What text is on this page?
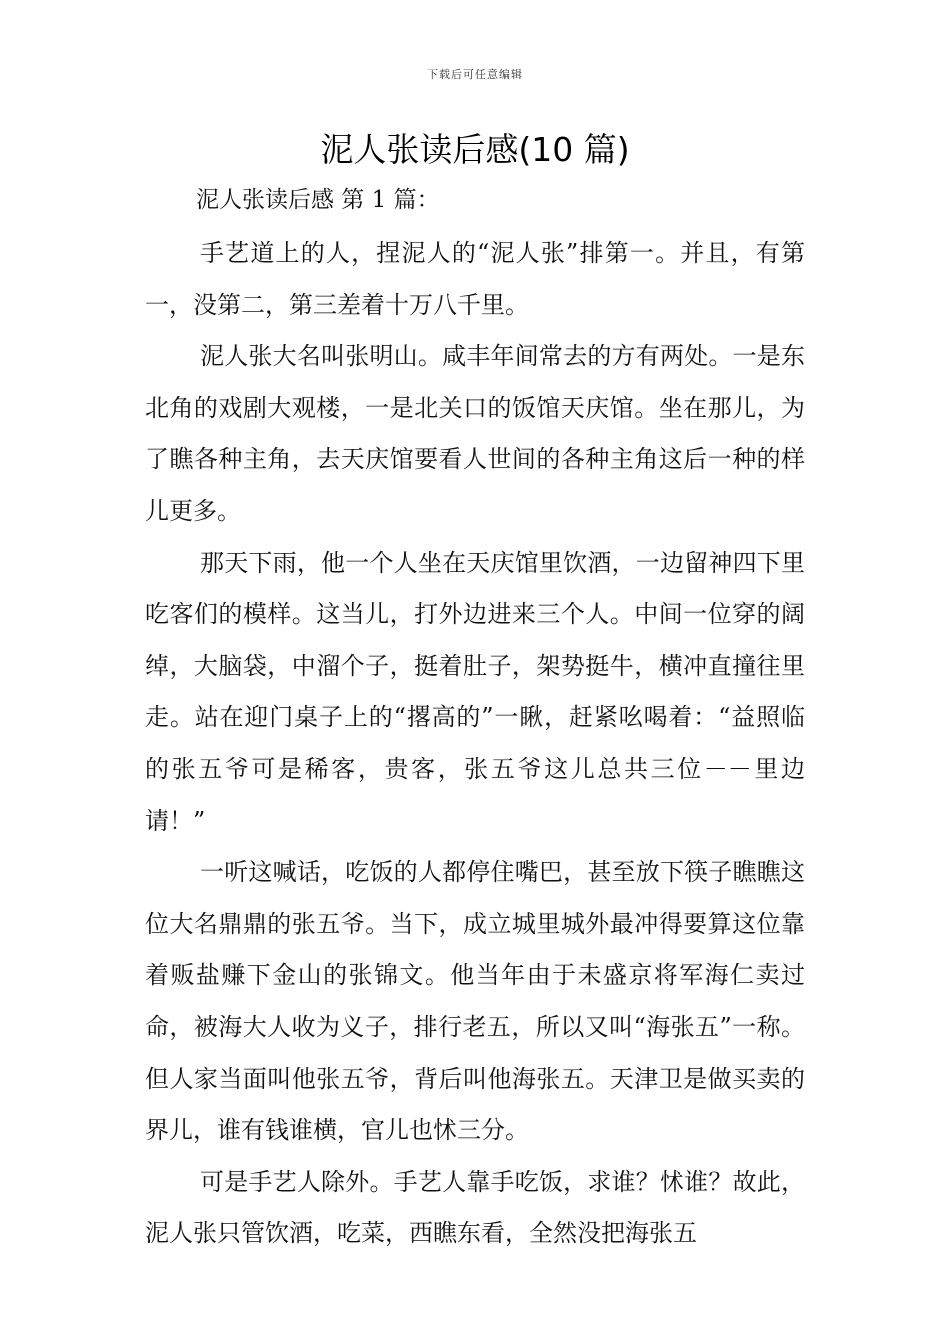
下载后可任意编辑
泥人张读后感(10 篇)
泥人张读后感 第 1 篇：

手艺道上的人，捏泥人的“泥人张”排第一。并且，有第一，没第二，第三差着十万八千里。

泥人张大名叫张明山。咸丰年间常去的方有两处。一是东北角的戏剧大观楼，一是北关口的饭馆天庆馆。坐在那儿，为了瞧各种主角，去天庆馆要看人世间的各种主角这后一种的样儿更多。

那天下雨，他一个人坐在天庆馆里饮酒，一边留神四下里吃客们的模样。这当儿，打外边进来三个人。中间一位穿的阔绰，大脑袋，中溜个子，挺着肚子，架势挺牛，横冲直撞往里走。站在迎门桌子上的“撂高的”一瞅，赶紧吆喝着：“益照临的张五爷可是稀客，贵客，张五爷这儿总共三位－－里边请！”

一听这喊话，吃饭的人都停住嘴巴，甚至放下筷子瞧瞧这位大名鼎鼎的张五爷。当下，成立城里城外最冲得要算这位靠着贩盐赚下金山的张锦文。他当年由于未盛京将军海仁卖过命，被海大人收为义子，排行老五，所以又叫“海张五”一称。但人家当面叫他张五爷，背后叫他海张五。天津卫是做买卖的界儿，谁有钱谁横，官儿也怵三分。

可是手艺人除外。手艺人靠手吃饭，求谁？怵谁？故此，泥人张只管饮酒，吃菜，西瞧东看，全然没把海张五
